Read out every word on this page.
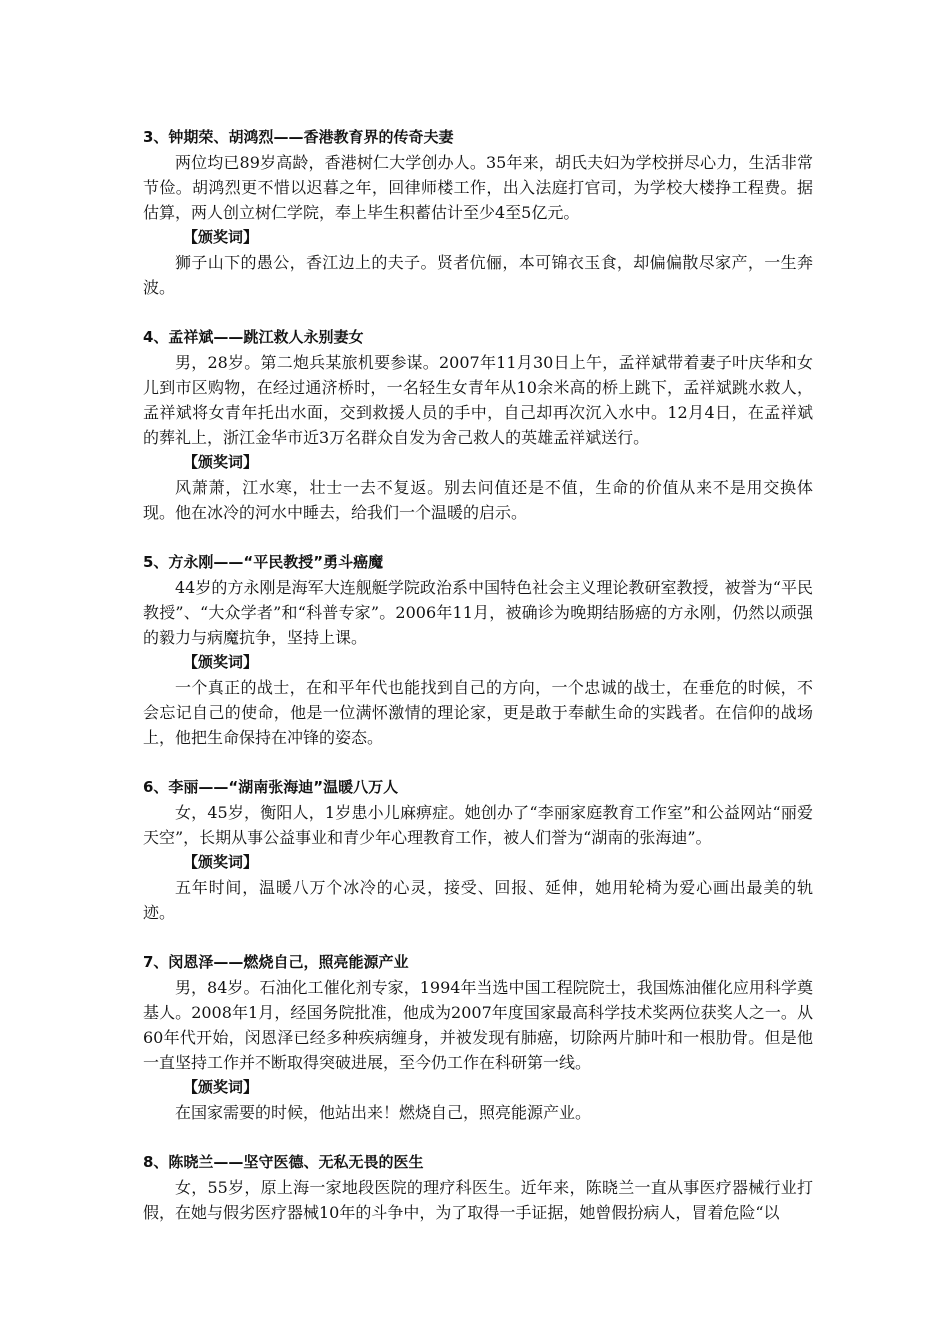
3、钟期荣、胡鸿烈——香港教育界的传奇夫妻

两位均已89岁高龄，香港树仁大学创办人。35年来，胡氏夫妇为学校拼尽心力，生活非常节俭。胡鸿烈更不惜以迟暮之年，回律师楼工作，出入法庭打官司，为学校大楼挣工程费。据估算，两人创立树仁学院，奉上毕生积蓄估计至少4至5亿元。

【颁奖词】

狮子山下的愚公，香江边上的夫子。贤者伉俪，本可锦衣玉食，却偏偏散尽家产，一生奔波。

4、孟祥斌——跳江救人永别妻女

男，28岁。第二炮兵某旅机要参谋。2007年11月30日上午，孟祥斌带着妻子叶庆华和女儿到市区购物，在经过通济桥时，一名轻生女青年从10余米高的桥上跳下，孟祥斌跳水救人，孟祥斌将女青年托出水面，交到救援人员的手中，自己却再次沉入水中。12月4日，在孟祥斌的葬礼上，浙江金华市近3万名群众自发为舍己救人的英雄孟祥斌送行。

【颁奖词】

风萧萧，江水寒，壮士一去不复返。别去问值还是不值，生命的价值从来不是用交换体现。他在冰冷的河水中睡去，给我们一个温暖的启示。

5、方永刚——“平民教授”勇斗癌魔

44岁的方永刚是海军大连舰艇学院政治系中国特色社会主义理论教研室教授，被誉为“平民教授”、“大众学者”和“科普专家”。2006年11月，被确诊为晚期结肠癌的方永刚，仍然以顽强的毅力与病魔抗争，坚持上课。

【颁奖词】

一个真正的战士，在和平年代也能找到自己的方向，一个忠诚的战士，在垂危的时候，不会忘记自己的使命，他是一位满怀激情的理论家，更是敢于奉献生命的实践者。在信仰的战场上，他把生命保持在冲锋的姿态。

6、李丽——“湖南张海迪”温暖八万人

女，45岁，衡阳人，1岁患小儿麻痹症。她创办了“李丽家庭教育工作室”和公益网站“丽爱天空”，长期从事公益事业和青少年心理教育工作，被人们誉为“湖南的张海迪”。

【颁奖词】

五年时间，温暖八万个冰冷的心灵，接受、回报、延伸，她用轮椅为爱心画出最美的轨迹。

7、闵恩泽——燃烧自己，照亮能源产业

男，84岁。石油化工催化剂专家，1994年当选中国工程院院士，我国炼油催化应用科学奠基人。2008年1月，经国务院批准，他成为2007年度国家最高科学技术奖两位获奖人之一。从60年代开始，闵恩泽已经多种疾病缠身，并被发现有肺癌，切除两片肺叶和一根肋骨。但是他一直坚持工作并不断取得突破进展，至今仍工作在科研第一线。

【颁奖词】

在国家需要的时候，他站出来！燃烧自己，照亮能源产业。

8、陈晓兰——坚守医德、无私无畏的医生

女，55岁，原上海一家地段医院的理疗科医生。近年来，陈晓兰一直从事医疗器械行业打假，在她与假劣医疗器械10年的斗争中，为了取得一手证据，她曾假扮病人，冒着危险“以
